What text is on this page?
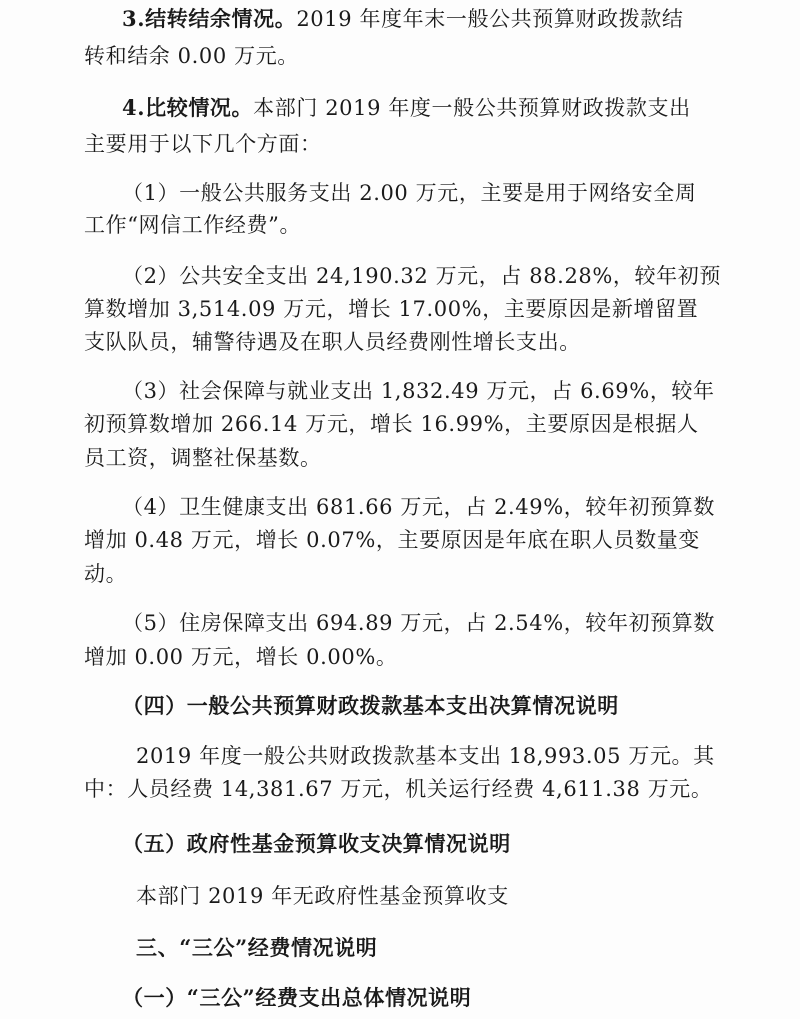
3.结转结余情况。2019 年度年末一般公共预算财政拨款结
转和结余 0.00 万元。
4.比较情况。本部门 2019 年度一般公共预算财政拨款支出
主要用于以下几个方面：
（1）一般公共服务支出 2.00 万元，主要是用于网络安全周
工作“网信工作经费”。
（2）公共安全支出 24,190.32 万元，占 88.28%，较年初预
算数增加 3,514.09 万元，增长 17.00%，主要原因是新增留置
支队队员，辅警待遇及在职人员经费刚性增长支出。
（3）社会保障与就业支出 1,832.49 万元，占 6.69%，较年
初预算数增加 266.14 万元，增长 16.99%，主要原因是根据人
员工资，调整社保基数。
（4）卫生健康支出 681.66 万元，占 2.49%，较年初预算数
增加 0.48 万元，增长 0.07%，主要原因是年底在职人员数量变
动。
（5）住房保障支出 694.89 万元，占 2.54%，较年初预算数
增加 0.00 万元，增长 0.00%。
（四）一般公共预算财政拨款基本支出决算情况说明
2019 年度一般公共财政拨款基本支出 18,993.05 万元。其
中：人员经费 14,381.67 万元，机关运行经费 4,611.38 万元。
（五）政府性基金预算收支决算情况说明
本部门 2019 年无政府性基金预算收支
三、“三公”经费情况说明
（一）“三公”经费支出总体情况说明
